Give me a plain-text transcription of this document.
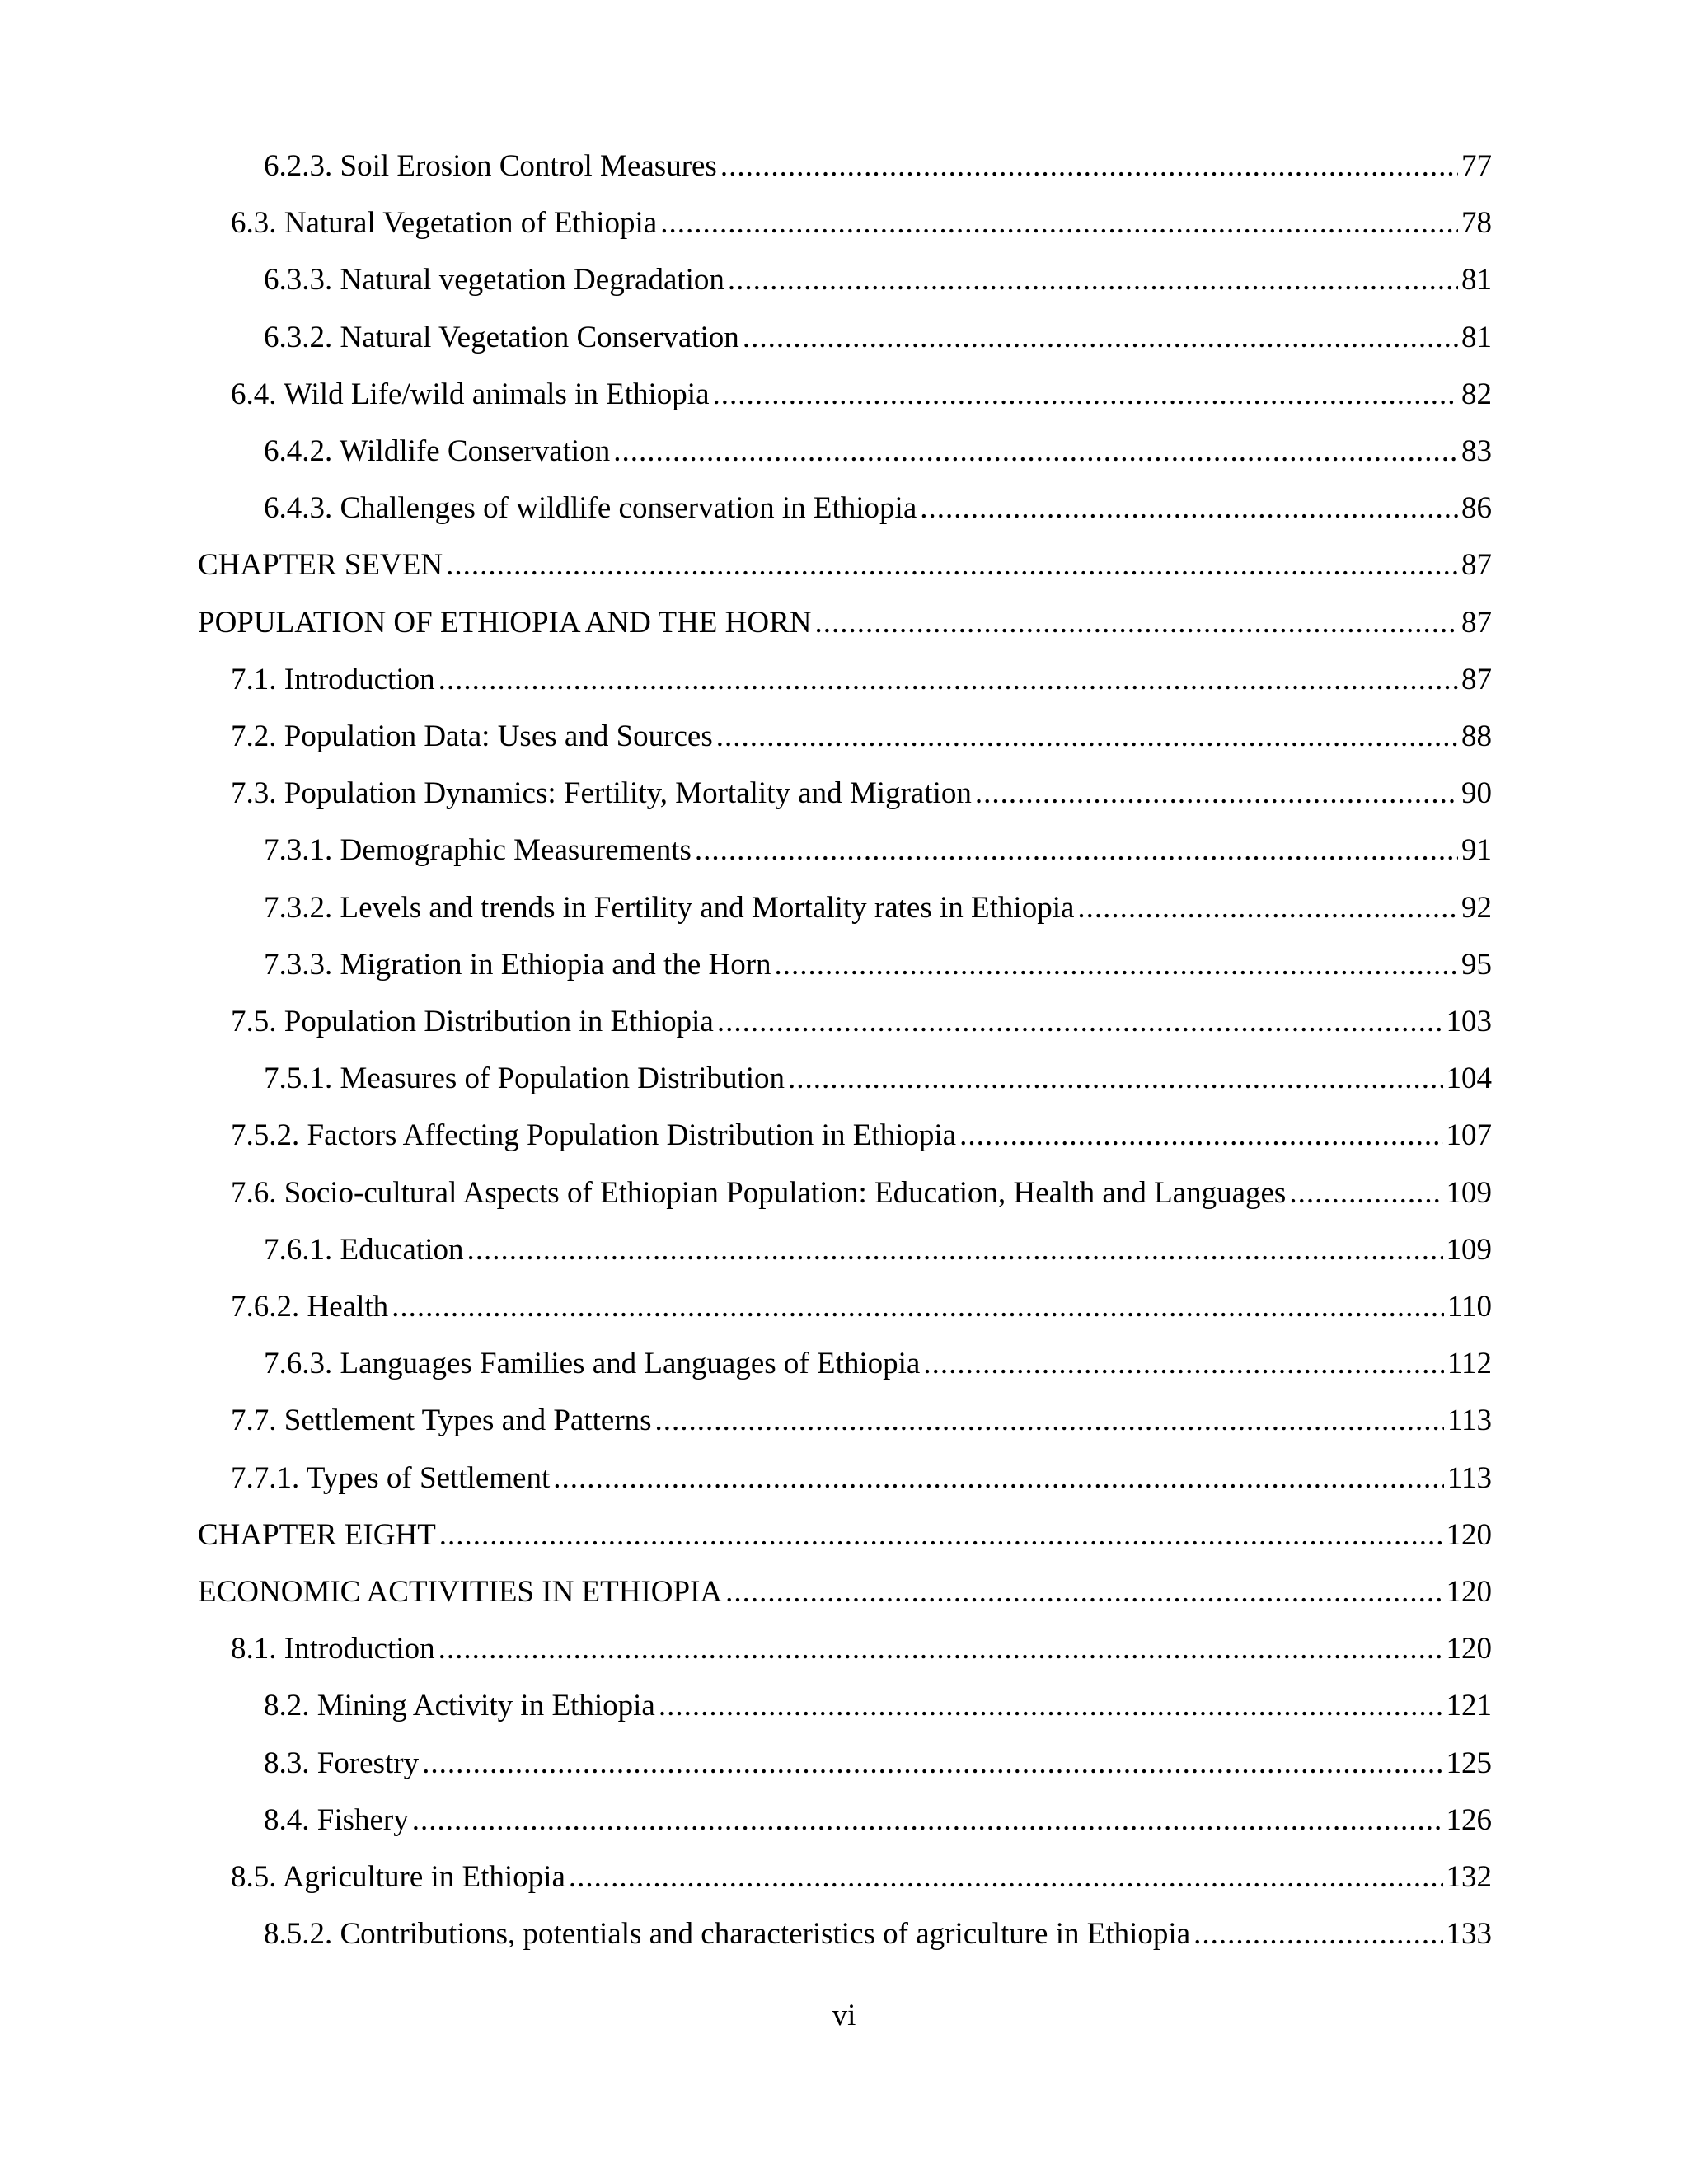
6.2.3. Soil Erosion Control Measures .....	77
6.3. Natural Vegetation of Ethiopia .....	78
6.3.3. Natural vegetation Degradation .....	81
6.3.2. Natural Vegetation Conservation .....	81
6.4. Wild Life/wild animals in Ethiopia .....	82
6.4.2. Wildlife Conservation .....	83
6.4.3. Challenges of wildlife conservation in Ethiopia .....	86
CHAPTER SEVEN .....	87
POPULATION OF ETHIOPIA AND THE HORN .....	87
7.1. Introduction .....	87
7.2. Population Data: Uses and Sources .....	88
7.3. Population Dynamics: Fertility, Mortality and Migration .....	90
7.3.1. Demographic Measurements .....	91
7.3.2. Levels and trends in Fertility and Mortality rates in Ethiopia .....	92
7.3.3. Migration in Ethiopia and the Horn .....	95
7.5. Population Distribution in Ethiopia .....	103
7.5.1. Measures of Population Distribution .....	104
7.5.2. Factors Affecting Population Distribution in Ethiopia .....	107
7.6. Socio-cultural Aspects of Ethiopian Population: Education, Health and Languages .....	109
7.6.1. Education .....	109
7.6.2. Health .....	110
7.6.3. Languages Families and Languages of Ethiopia .....	112
7.7. Settlement Types and Patterns .....	113
7.7.1. Types of Settlement .....	113
CHAPTER EIGHT .....	120
ECONOMIC ACTIVITIES IN ETHIOPIA .....	120
8.1. Introduction .....	120
8.2. Mining Activity in Ethiopia .....	121
8.3. Forestry .....	125
8.4. Fishery .....	126
8.5. Agriculture in Ethiopia .....	132
8.5.2. Contributions, potentials and characteristics of agriculture in Ethiopia .....	133
vi
